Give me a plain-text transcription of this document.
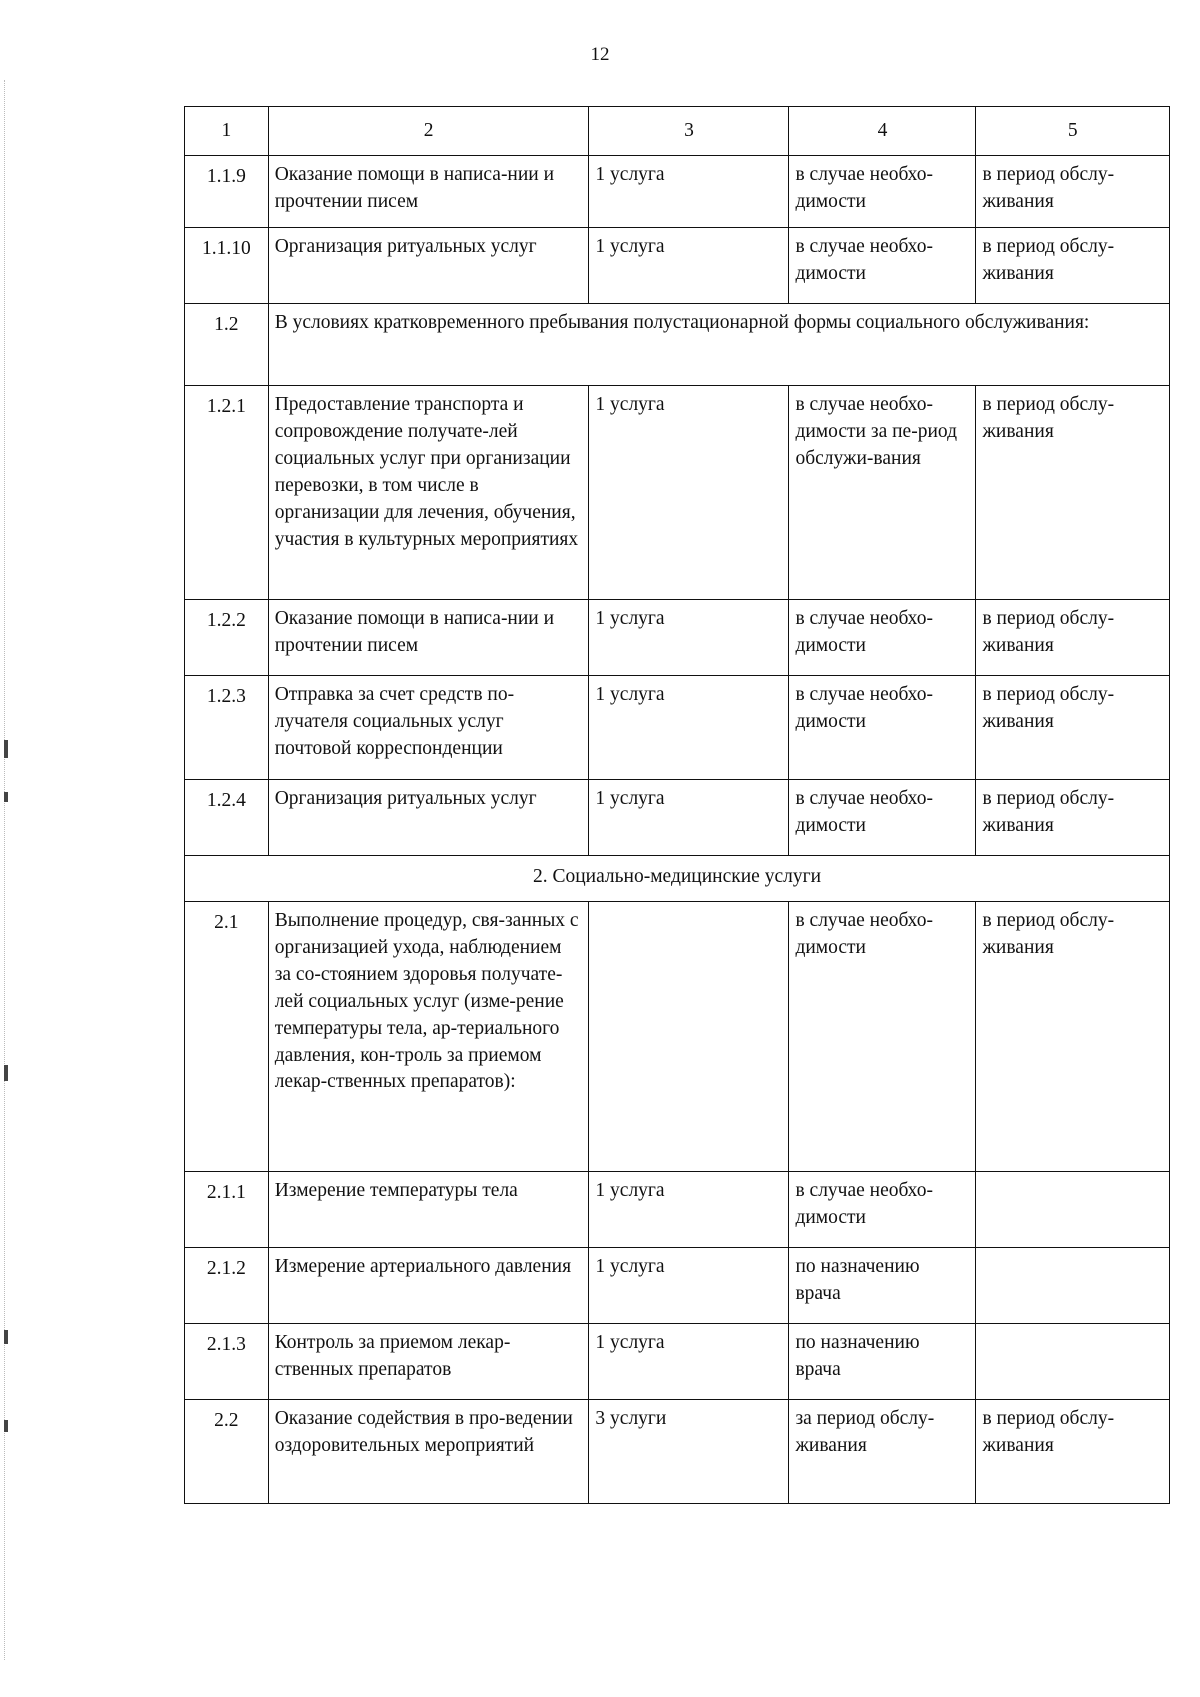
12
1	2	3	4	5
1.1.9	Оказание помощи в написа-нии и прочтении писем	1 услуга	в случае необхо-димости	в период обслу-живания
1.1.10	Организация ритуальных услуг	1 услуга	в случае необхо-димости	в период обслу-живания
1.2	В условиях кратковременного пребывания полустационарной формы социального обслуживания:			
1.2.1	Предоставление транспорта и сопровождение получате-лей социальных услуг при организации перевозки, в том числе в организации для лечения, обучения, участия в культурных мероприятиях	1 услуга	в случае необхо-димости за пе-риод обслужи-вания	в период обслу-живания
1.2.2	Оказание помощи в написа-нии и прочтении писем	1 услуга	в случае необхо-димости	в период обслу-живания
1.2.3	Отправка за счет средств по-лучателя социальных услуг почтовой корреспонденции	1 услуга	в случае необхо-димости	в период обслу-живания
1.2.4	Организация ритуальных услуг	1 услуга	в случае необхо-димости	в период обслу-живания
2. Социально-медицинские услуги				
2.1	Выполнение процедур, свя-занных с организацией ухода, наблюдением за со-стоянием здоровья получате-лей социальных услуг (изме-рение температуры тела, ар-териального давления, кон-троль за приемом лекар-ственных препаратов):		в случае необхо-димости	в период обслу-живания
2.1.1	Измерение температуры тела	1 услуга	в случае необхо-димости	
2.1.2	Измерение артериального давления	1 услуга	по назначению врача	
2.1.3	Контроль за приемом лекар-ственных препаратов	1 услуга	по назначению врача	
2.2	Оказание содействия в про-ведении оздоровительных мероприятий	3 услуги	за период обслу-живания	в период обслу-живания
